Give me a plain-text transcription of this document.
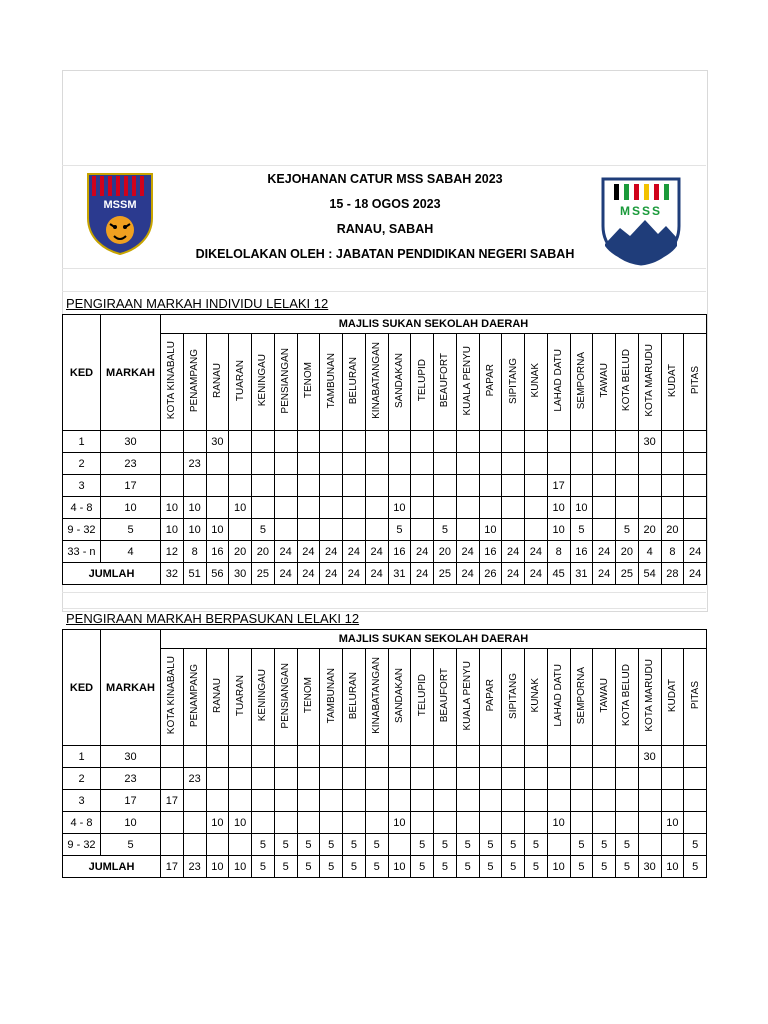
MSSM	MSSS
KEJOHANAN CATUR MSS SABAH 2023
15 - 18 OGOS 2023
RANAU, SABAH
DIKELOLAKAN OLEH : JABATAN PENDIDIKAN NEGERI SABAH
PENGIRAAN MARKAH INDIVIDU LELAKI 12
KED	MARKAH	MAJLIS SUKAN SEKOLAH DAERAH																							
		KOTA KINABALU	PENAMPANG	RANAU	TUARAN	KENINGAU	PENSIANGAN	TENOM	TAMBUNAN	BELURAN	KINABATANGAN	SANDAKAN	TELUPID	BEAUFORT	KUALA PENYU	PAPAR	SIPITANG	KUNAK	LAHAD DATU	SEMPORNA	TAWAU	KOTA BELUD	KOTA MARUDU	KUDAT	PITAS
1	30			30																			30		
2	23		23																						
3	17																		17						
4 - 8	10	10	10		10							10							10	10					
9 - 32	5	10	10	10		5						5		5		10			10	5		5	20	20	
33 - n	4	12	8	16	20	20	24	24	24	24	24	16	24	20	24	16	24	24	8	16	24	20	4	8	24
JUMLAH		32	51	56	30	25	24	24	24	24	24	31	24	25	24	26	24	24	45	31	24	25	54	28	24
PENGIRAAN MARKAH BERPASUKAN LELAKI 12
KED	MARKAH	MAJLIS SUKAN SEKOLAH DAERAH																							
		KOTA KINABALU	PENAMPANG	RANAU	TUARAN	KENINGAU	PENSIANGAN	TENOM	TAMBUNAN	BELURAN	KINABATANGAN	SANDAKAN	TELUPID	BEAUFORT	KUALA PENYU	PAPAR	SIPITANG	KUNAK	LAHAD DATU	SEMPORNA	TAWAU	KOTA BELUD	KOTA MARUDU	KUDAT	PITAS
1	30																						30		
2	23		23																						
3	17	17																							
4 - 8	10			10	10							10							10					10	
9 - 32	5					5	5	5	5	5	5		5	5	5	5	5	5		5	5	5			5
JUMLAH		17	23	10	10	5	5	5	5	5	5	10	5	5	5	5	5	5	10	5	5	5	30	10	5
